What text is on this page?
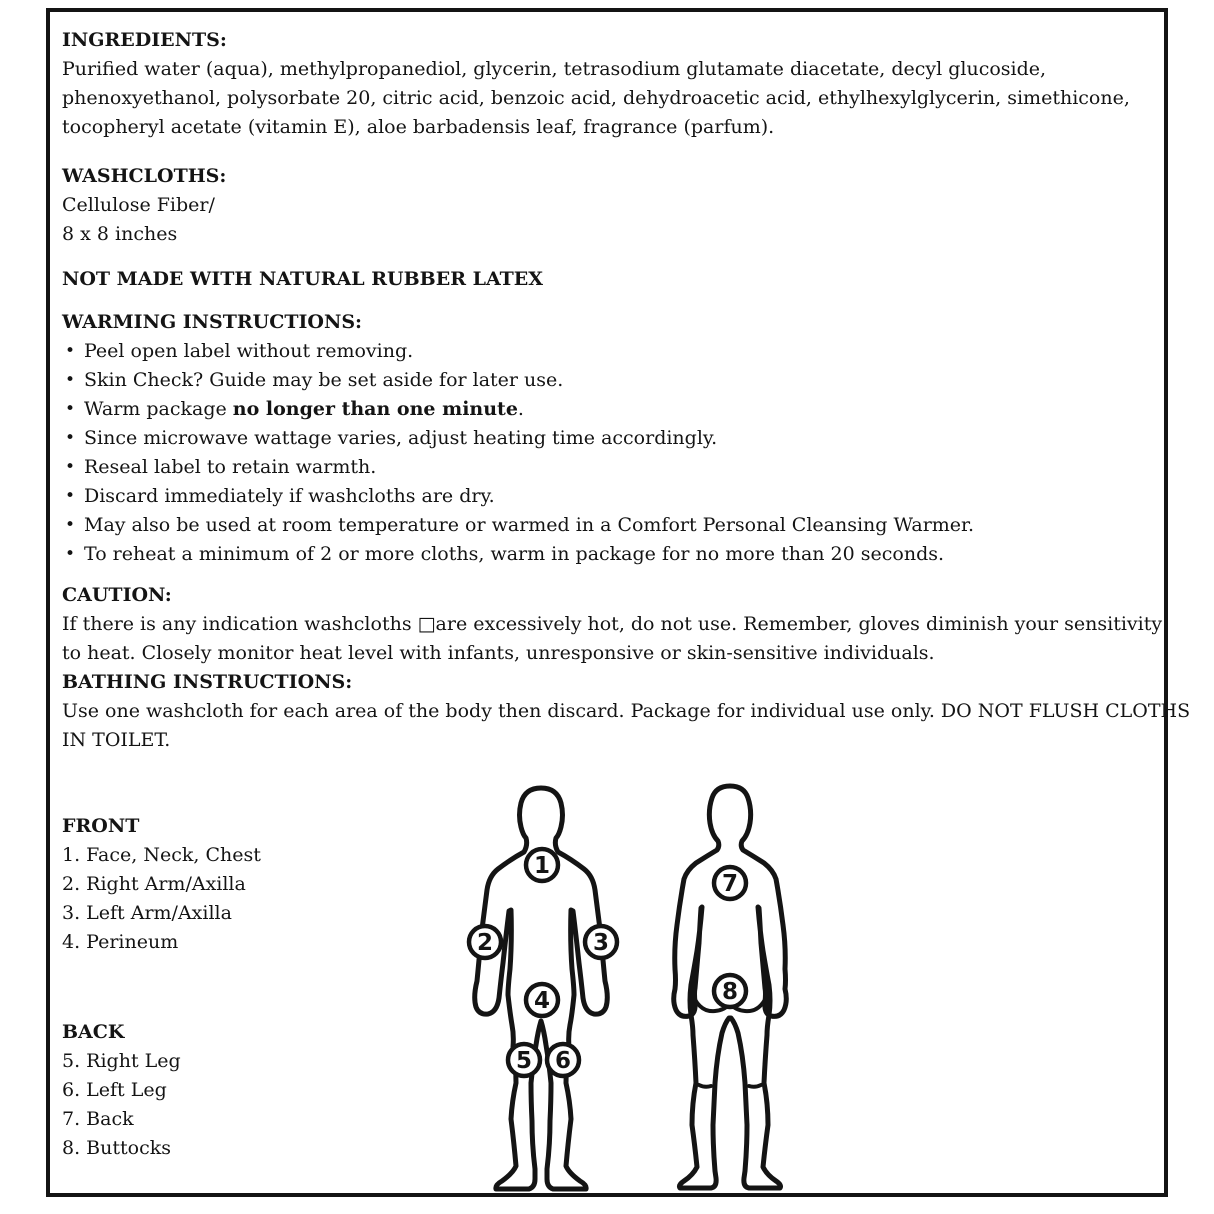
INGREDIENTS:
Purified water (aqua), methylpropanediol, glycerin, tetrasodium glutamate diacetate, decyl glucoside,
phenoxyethanol, polysorbate 20, citric acid, benzoic acid, dehydroacetic acid, ethylhexylglycerin, simethicone,
tocopheryl acetate (vitamin E), aloe barbadensis leaf, fragrance (parfum).
WASHCLOTHS:
Cellulose Fiber/
8 x 8 inches
NOT MADE WITH NATURAL RUBBER LATEX
WARMING INSTRUCTIONS:
• Peel open label without removing.
• Skin Check? Guide may be set aside for later use.
• Warm package no longer than one minute.
• Since microwave wattage varies, adjust heating time accordingly.
• Reseal label to retain warmth.
• Discard immediately if washcloths are dry.
• May also be used at room temperature or warmed in a Comfort Personal Cleansing Warmer.
• To reheat a minimum of 2 or more cloths, warm in package for no more than 20 seconds.
CAUTION:
If there is any indication washcloths □are excessively hot, do not use. Remember, gloves diminish your sensitivity
to heat. Closely monitor heat level with infants, unresponsive or skin-sensitive individuals.
BATHING INSTRUCTIONS:
Use one washcloth for each area of the body then discard. Package for individual use only. DO NOT FLUSH CLOTHS
IN TOILET.
FRONT
1. Face, Neck, Chest
2. Right Arm/Axilla
3. Left Arm/Axilla
4. Perineum
BACK
5. Right Leg
6. Left Leg
7. Back
8. Buttocks
1
2	3
4
5 6
7
8
